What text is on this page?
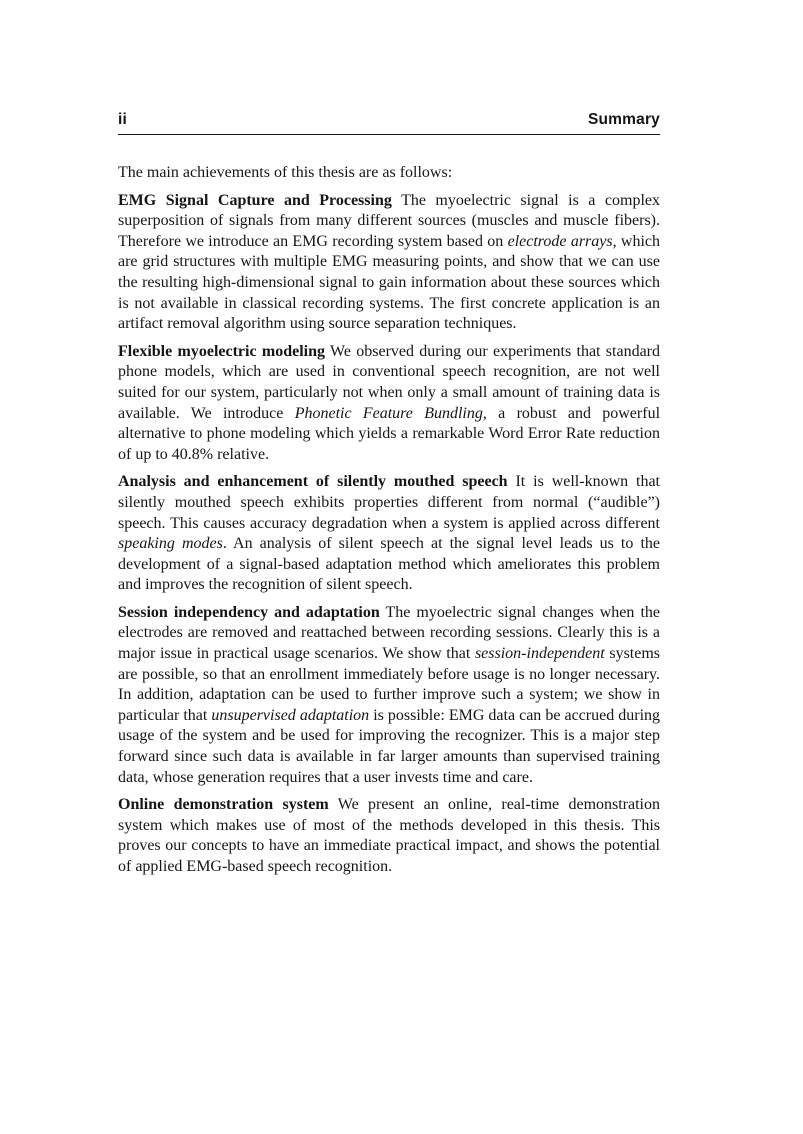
ii	Summary

The main achievements of this thesis are as follows:

EMG Signal Capture and Processing The myoelectric signal is a complex superposition of signals from many different sources (muscles and muscle fibers). Therefore we introduce an EMG recording system based on electrode arrays, which are grid structures with multiple EMG measuring points, and show that we can use the resulting high-dimensional signal to gain information about these sources which is not available in classical recording systems. The first concrete application is an artifact removal algorithm using source separation techniques.

Flexible myoelectric modeling We observed during our experiments that standard phone models, which are used in conventional speech recognition, are not well suited for our system, particularly not when only a small amount of training data is available. We introduce Phonetic Feature Bundling, a robust and powerful alternative to phone modeling which yields a remarkable Word Error Rate reduction of up to 40.8% relative.

Analysis and enhancement of silently mouthed speech It is well-known that silently mouthed speech exhibits properties different from normal (“audible”) speech. This causes accuracy degradation when a system is applied across different speaking modes. An analysis of silent speech at the signal level leads us to the development of a signal-based adaptation method which ameliorates this problem and improves the recognition of silent speech.

Session independency and adaptation The myoelectric signal changes when the electrodes are removed and reattached between recording sessions. Clearly this is a major issue in practical usage scenarios. We show that session-independent systems are possible, so that an enrollment immediately before usage is no longer necessary. In addition, adaptation can be used to further improve such a system; we show in particular that unsupervised adaptation is possible: EMG data can be accrued during usage of the system and be used for improving the recognizer. This is a major step forward since such data is available in far larger amounts than supervised training data, whose generation requires that a user invests time and care.

Online demonstration system We present an online, real-time demonstration system which makes use of most of the methods developed in this thesis. This proves our concepts to have an immediate practical impact, and shows the potential of applied EMG-based speech recognition.
